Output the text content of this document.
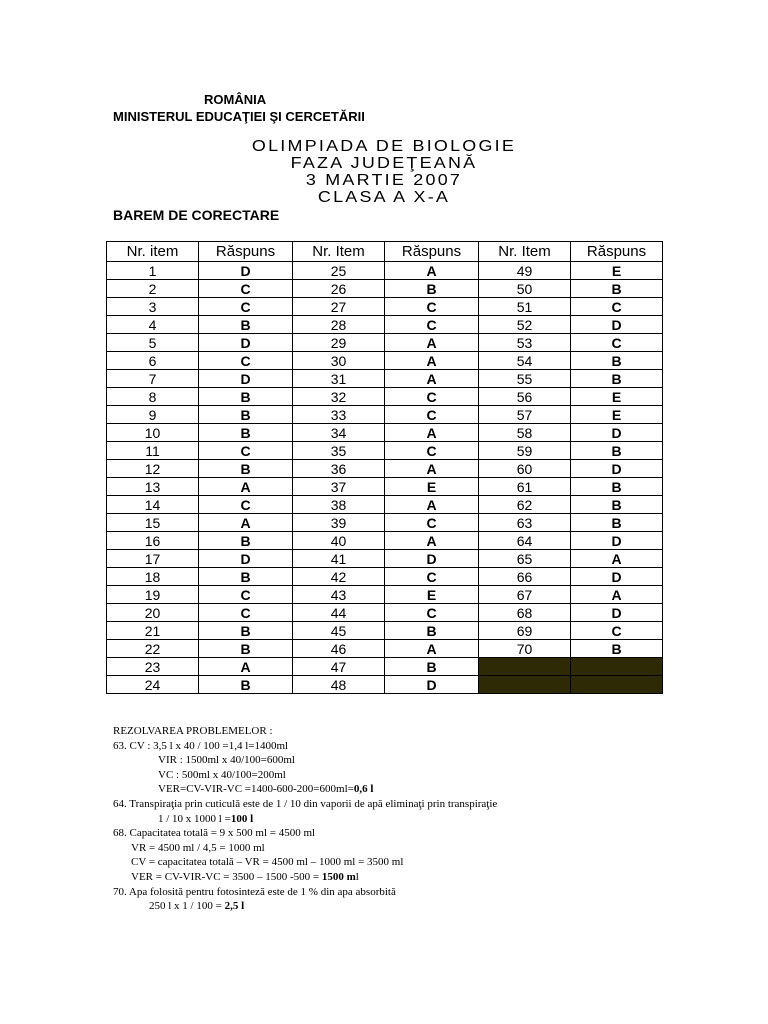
ROMÂNIA
MINISTERUL EDUCAŢIEI ŞI CERCETĂRII
OLIMPIADA DE BIOLOGIE
FAZA JUDEŢEANĂ
3 MARTIE 2007
CLASA A X-A
BAREM DE CORECTARE
Nr. item	Răspuns	Nr. Item	Răspuns	Nr. Item	Răspuns
1	D	25	A	49	E
2	C	26	B	50	B
3	C	27	C	51	C
4	B	28	C	52	D
5	D	29	A	53	C
6	C	30	A	54	B
7	D	31	A	55	B
8	B	32	C	56	E
9	B	33	C	57	E
10	B	34	A	58	D
11	C	35	C	59	B
12	B	36	A	60	D
13	A	37	E	61	B
14	C	38	A	62	B
15	A	39	C	63	B
16	B	40	A	64	D
17	D	41	D	65	A
18	B	42	C	66	D
19	C	43	E	67	A
20	C	44	C	68	D
21	B	45	B	69	C
22	B	46	A	70	B
23	A	47	B		
24	B	48	D		
REZOLVAREA PROBLEMELOR :
63. CV : 3,5 l x 40 / 100 =1,4 l=1400ml
VIR : 1500ml x 40/100=600ml
VC : 500ml x 40/100=200ml
VER=CV-VIR-VC =1400-600-200=600ml=0,6 l
64. Transpiraţia prin cuticulă este de 1 / 10 din vaporii de apă eliminaţi prin transpiraţie
1 / 10 x 1000 l =100 l
68. Capacitatea totală = 9 x 500 ml = 4500 ml
VR = 4500 ml / 4,5 = 1000 ml
CV = capacitatea totală – VR = 4500 ml – 1000 ml = 3500 ml
VER = CV-VIR-VC = 3500 – 1500 -500 = 1500 ml
70. Apa folosită pentru fotosinteză este de 1 % din apa absorbită
250 l x 1 / 100 = 2,5 l
